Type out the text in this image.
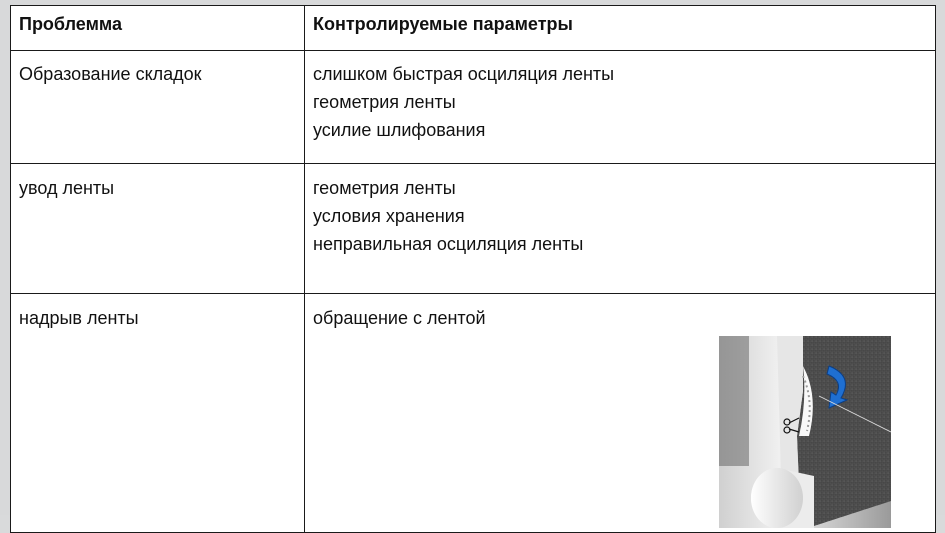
Проблемма	Контролируемые параметры
Образование складок	слишком быстрая осциляция ленты
геометрия ленты
усилие шлифования

увод ленты	геометрия ленты
условия хранения
неправильная осциляция ленты

надрыв ленты	обращение с лентой
